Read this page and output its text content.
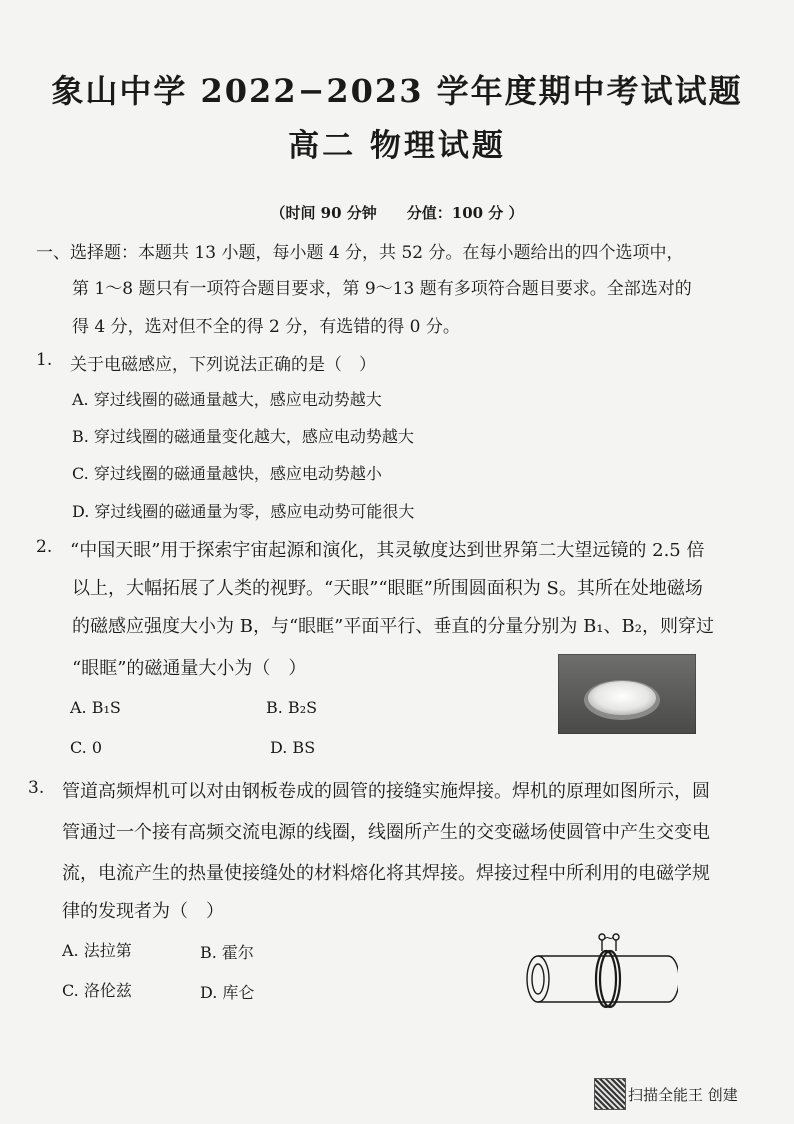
象山中学 2022−2023 学年度期中考试试题
高二 物理试题
（时间 90 分钟　　分值：100 分 ）
一、选择题：本题共 13 小题，每小题 4 分，共 52 分。在每小题给出的四个选项中，
第 1～8 题只有一项符合题目要求，第 9～13 题有多项符合题目要求。全部选对的
得 4 分，选对但不全的得 2 分，有选错的得 0 分。
1. 关于电磁感应，下列说法正确的是（　）
A. 穿过线圈的磁通量越大，感应电动势越大
B. 穿过线圈的磁通量变化越大，感应电动势越大
C. 穿过线圈的磁通量越快，感应电动势越小
D. 穿过线圈的磁通量为零，感应电动势可能很大
2. “中国天眼”用于探索宇宙起源和演化，其灵敏度达到世界第二大望远镜的 2.5 倍
以上，大幅拓展了人类的视野。“天眼”“眼眶”所围圆面积为 S。其所在处地磁场
的磁感应强度大小为 B，与“眼眶”平面平行、垂直的分量分别为 B₁、B₂，则穿过
“眼眶”的磁通量大小为（　）
A. B₁S	B. B₂S
C. 0	D. BS
3. 管道高频焊机可以对由钢板卷成的圆管的接缝实施焊接。焊机的原理如图所示，圆
管通过一个接有高频交流电源的线圈，线圈所产生的交变磁场使圆管中产生交变电
流，电流产生的热量使接缝处的材料熔化将其焊接。焊接过程中所利用的电磁学规
律的发现者为（　）
A. 法拉第	B. 霍尔
C. 洛伦兹	D. 库仑
~
扫描全能王 创建
